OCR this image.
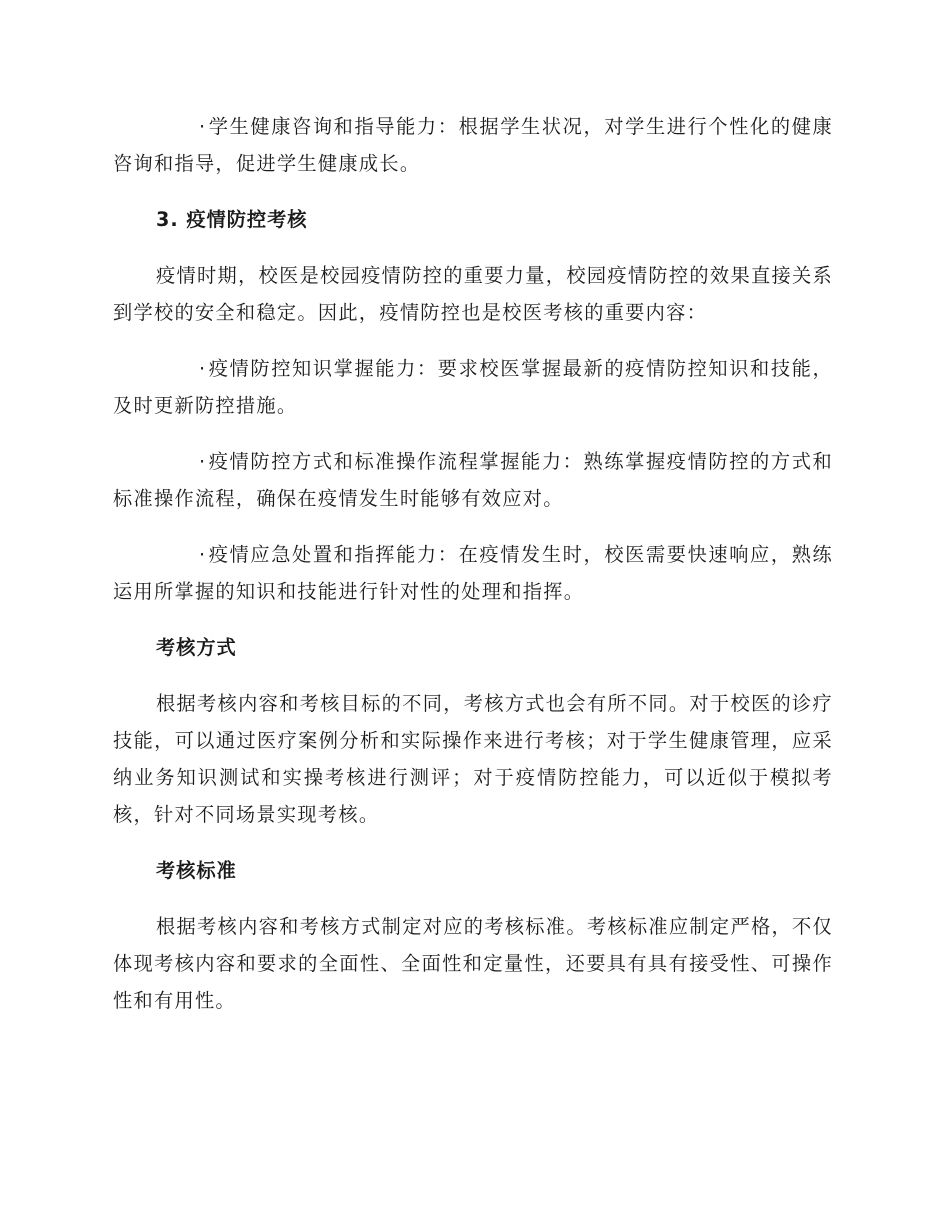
· 学生健康咨询和指导能力：根据学生状况，对学生进行个性化的健康咨询和指导，促进学生健康成长。

3. 疫情防控考核

疫情时期，校医是校园疫情防控的重要力量，校园疫情防控的效果直接关系到学校的安全和稳定。因此，疫情防控也是校医考核的重要内容：

· 疫情防控知识掌握能力：要求校医掌握最新的疫情防控知识和技能，及时更新防控措施。

· 疫情防控方式和标准操作流程掌握能力：熟练掌握疫情防控的方式和标准操作流程，确保在疫情发生时能够有效应对。

· 疫情应急处置和指挥能力：在疫情发生时，校医需要快速响应，熟练运用所掌握的知识和技能进行针对性的处理和指挥。

考核方式

根据考核内容和考核目标的不同，考核方式也会有所不同。对于校医的诊疗技能，可以通过医疗案例分析和实际操作来进行考核；对于学生健康管理，应采纳业务知识测试和实操考核进行测评；对于疫情防控能力，可以近似于模拟考核，针对不同场景实现考核。

考核标准

根据考核内容和考核方式制定对应的考核标准。考核标准应制定严格，不仅体现考核内容和要求的全面性、全面性和定量性，还要具有具有接受性、可操作性和有用性。
